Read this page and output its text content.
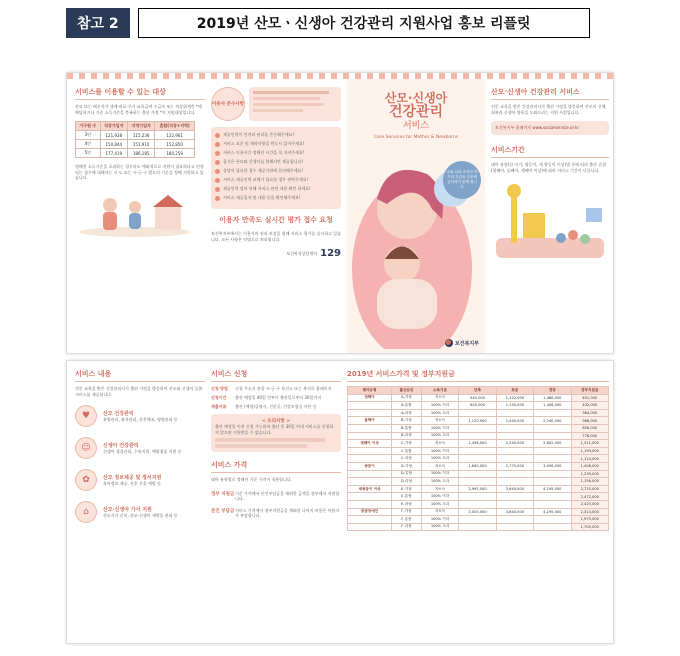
참고 2	2019년 산모ㆍ신생아 건강관리 지원사업 홍보 리플릿
서비스를 이용할 수 있는 대상
산모 또는 배우자가 생계·의료·주거·교육급여 수급자 또는 차상위계층 *에 해당하거나 기준 소득기준을 충족하는 출산 가정 *이 지원대상입니다.
가구원 수	직장가입자	지역가입자	혼합(직장+지역)
3인	121,928	115,236	122,961
4인	150,844	151,910	152,850
5인	177,419	186,185	180,259
정해진 소득기준을 초과하는 경우라도 예외적으로 지원이 필요하다고 인정되는 경우에 대해서는 시·도 또는 시·군·구 별도의 기준을 정해 지원하고 있습니다.
이용자 준수사항
제공인력이 인격과 권리를 존중해주세요!
서비스 표준 및 제약사항을 반드시 읽어주세요!
서비스 이용시간 정해진 시간을 꼭 지켜주세요!
음식은 산모와 신생아를 위해서만 제공됩니다!
상담이 필요한 경우 제공기관에 문의해주세요!
서비스 제공인력 교체가 필요한 경우 연락주세요!
제공인력 정보 통해 서비스 관련 내용 확인 하세요!
서비스 제공일자 및 내용 등을 확인해주세요!
이용자 만족도 실시간 평가 접수 요청
보건복지부에서는 이용자의 권리 보장을 위해 서비스 평가를 실시하고 있습니다. 모든 사항은 익명으로 처리됩니다.
보건복지상담센터 129
산모·신생아
건강관리
서비스
Care Services for Mother & Newborns
나와 나의 소중한 아기의 건강을 전문제공인력이 함께 합니다
보건복지부
산모·신생아 건강관리 서비스
전문 교육을 받은 건강관리사가 출산 가정을 방문하여 산모의 신체 회복과 신생아 양육을 도와드리는 지원 사업입니다.
보건복지부 홈페이지 www.socialservice.or.kr
서비스기간
태아 유형(한 아기, 쌍둥이, 세 쌍둥이 이상)별 등에 따라 출산 순위 (첫째아, 둘째아, 셋째아 이상)에 따라 서비스 기간이 다릅니다.
서비스 내용
전문 교육을 받은 건강관리사가 출산 가정을 방문하여 산모와 신생아 돌봄 서비스를 제공합니다.
♥	산모 건강관리
유방관리, 좌욕관리, 산후체조, 영양관리 등
☺	신생아 건강관리
신생아 청결관리, 수유지원, 예방접종 지원 등
✿	산모 정보제공 및 정서지원
육아정보 제공, 산후 우울 예방 등
⌂	산모·신생아 가사 지원
산모식사 준비, 산모·신생아 세탁물 관리 등
서비스 신청
신청 방법	신청 주소지 관할 시·군·구 보건소 또는 복지로 홈페이지
신청기간	출산 예정일 40일 전부터 출산일로부터 30일까지
제출서류	출산 (예정)증명서, 신분증, 건강보험증 사본 등
< 유의사항 >
출산 예정일 이전 신청 가능하며 출산 후 30일 이내 서비스를 신청하지 않으면 지원받을 수 없습니다.
서비스 가격
태아 유형별로 정해진 기준 가격이 적용됩니다.
정부 지원금 기준 가격에서 본인부담금을 제외한 금액을 정부에서 지원합니다.
본인 부담금 서비스 가격에서 정부지원금을 제외한 나머지 비용은 이용자가 부담합니다.
2019년 서비스가격 및 정부지원금
태아유형	출산순위	소득기준	단축	표준	연장	정부지원금
첫째아	A-가형	저소득	540,000	1,122,000	1,486,000	491,000
	A-통합	100% 이하	620,000	1,150,000	1,408,000	432,000
	A-라형	100% 초과				384,000
둘째아	B-가형	저소득	1,120,000	1,440,000	2,240,000	988,000
	B-통합	100% 이하				856,000
	B-라형	100% 초과				776,000
셋째아 이상	C-가형	저소득	1,436,000	2,245,000	2,842,000	1,311,000
	C-통합	100% 이하				1,193,000
	C-라형	100% 초과				1,124,000
쌍둥이	D-가형	저소득	1,640,000	2,775,000	3,096,000	1,408,000
	D-통합	100% 이하				1,239,000
	D-라형	100% 초과				1,156,000
세쌍둥이 이상	E-가형	저소득	2,995,000	3,640,000	4,195,000	2,715,000
	E-통합	100% 이하				2,472,000
	E-라형	100% 초과				2,420,000
중증장애인	F-가형	저소득	2,505,000	3,640,000	4,195,000	2,313,000
	F-통합	100% 이하				1,973,000
	F-라형	100% 초과				1,705,000
